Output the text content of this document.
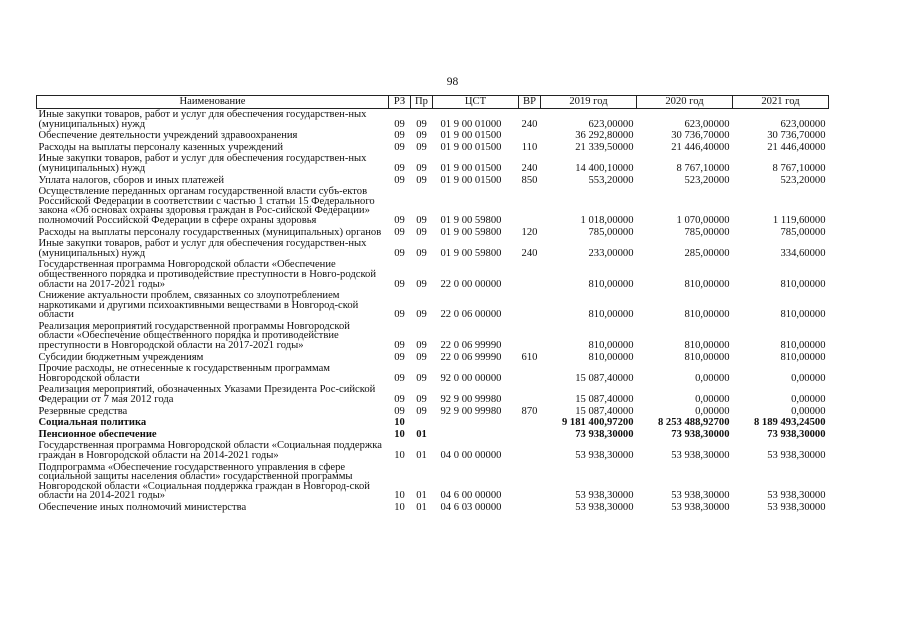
98
Наименование	РЗ	Пр	ЦСТ	ВР	2019 год	2020 год	2021 год
Иные закупки товаров, работ и услуг для обеспечения государствен-ных (муниципальных) нужд	09	09	01 9 00 01000	240	623,00000	623,00000	623,00000
Обеспечение деятельности учреждений здравоохранения	09	09	01 9 00 01500		36 292,80000	30 736,70000	30 736,70000
Расходы на выплаты персоналу казенных учреждений	09	09	01 9 00 01500	110	21 339,50000	21 446,40000	21 446,40000
Иные закупки товаров, работ и услуг для обеспечения государствен-ных (муниципальных) нужд	09	09	01 9 00 01500	240	14 400,10000	8 767,10000	8 767,10000
Уплата налогов, сборов и иных платежей	09	09	01 9 00 01500	850	553,20000	523,20000	523,20000
Осуществление переданных органам государственной власти субъ-ектов Российской Федерации в соответствии с частью 1 статьи 15 Федерального закона «Об основах охраны здоровья граждан в Рос-сийской Федерации» полномочий Российской Федерации в сфере охраны здоровья	09	09	01 9 00 59800		1 018,00000	1 070,00000	1 119,60000
Расходы на выплаты персоналу государственных (муниципальных) органов	09	09	01 9 00 59800	120	785,00000	785,00000	785,00000
Иные закупки товаров, работ и услуг для обеспечения государствен-ных (муниципальных) нужд	09	09	01 9 00 59800	240	233,00000	285,00000	334,60000
Государственная программа Новгородской области «Обеспечение общественного порядка и противодействие преступности в Новго-родской области на 2017-2021 годы»	09	09	22 0 00 00000		810,00000	810,00000	810,00000
Снижение актуальности проблем, связанных со злоупотреблением наркотиками и другими психоактивными веществами в Новгород-ской области	09	09	22 0 06 00000		810,00000	810,00000	810,00000
Реализация мероприятий государственной программы Новгородской области «Обеспечение общественного порядка и противодействие преступности в Новгородской области на 2017-2021 годы»	09	09	22 0 06 99990		810,00000	810,00000	810,00000
Субсидии бюджетным учреждениям	09	09	22 0 06 99990	610	810,00000	810,00000	810,00000
Прочие расходы, не отнесенные к государственным программам Новгородской области	09	09	92 0 00 00000		15 087,40000	0,00000	0,00000
Реализация мероприятий, обозначенных Указами Президента Рос-сийской Федерации от 7 мая 2012 года	09	09	92 9 00 99980		15 087,40000	0,00000	0,00000
Резервные средства	09	09	92 9 00 99980	870	15 087,40000	0,00000	0,00000
Социальная политика	10				9 181 400,97200	8 253 488,92700	8 189 493,24500
Пенсионное обеспечение	10	01			73 938,30000	73 938,30000	73 938,30000
Государственная программа Новгородской области «Социальная поддержка граждан в Новгородской области на 2014-2021 годы»	10	01	04 0 00 00000		53 938,30000	53 938,30000	53 938,30000
Подпрограмма «Обеспечение государственного управления в сфере социальной защиты населения области» государственной программы Новгородской области «Социальная поддержка граждан в Новгород-ской области на 2014-2021 годы»	10	01	04 6 00 00000		53 938,30000	53 938,30000	53 938,30000
Обеспечение иных полномочий министерства	10	01	04 6 03 00000		53 938,30000	53 938,30000	53 938,30000
